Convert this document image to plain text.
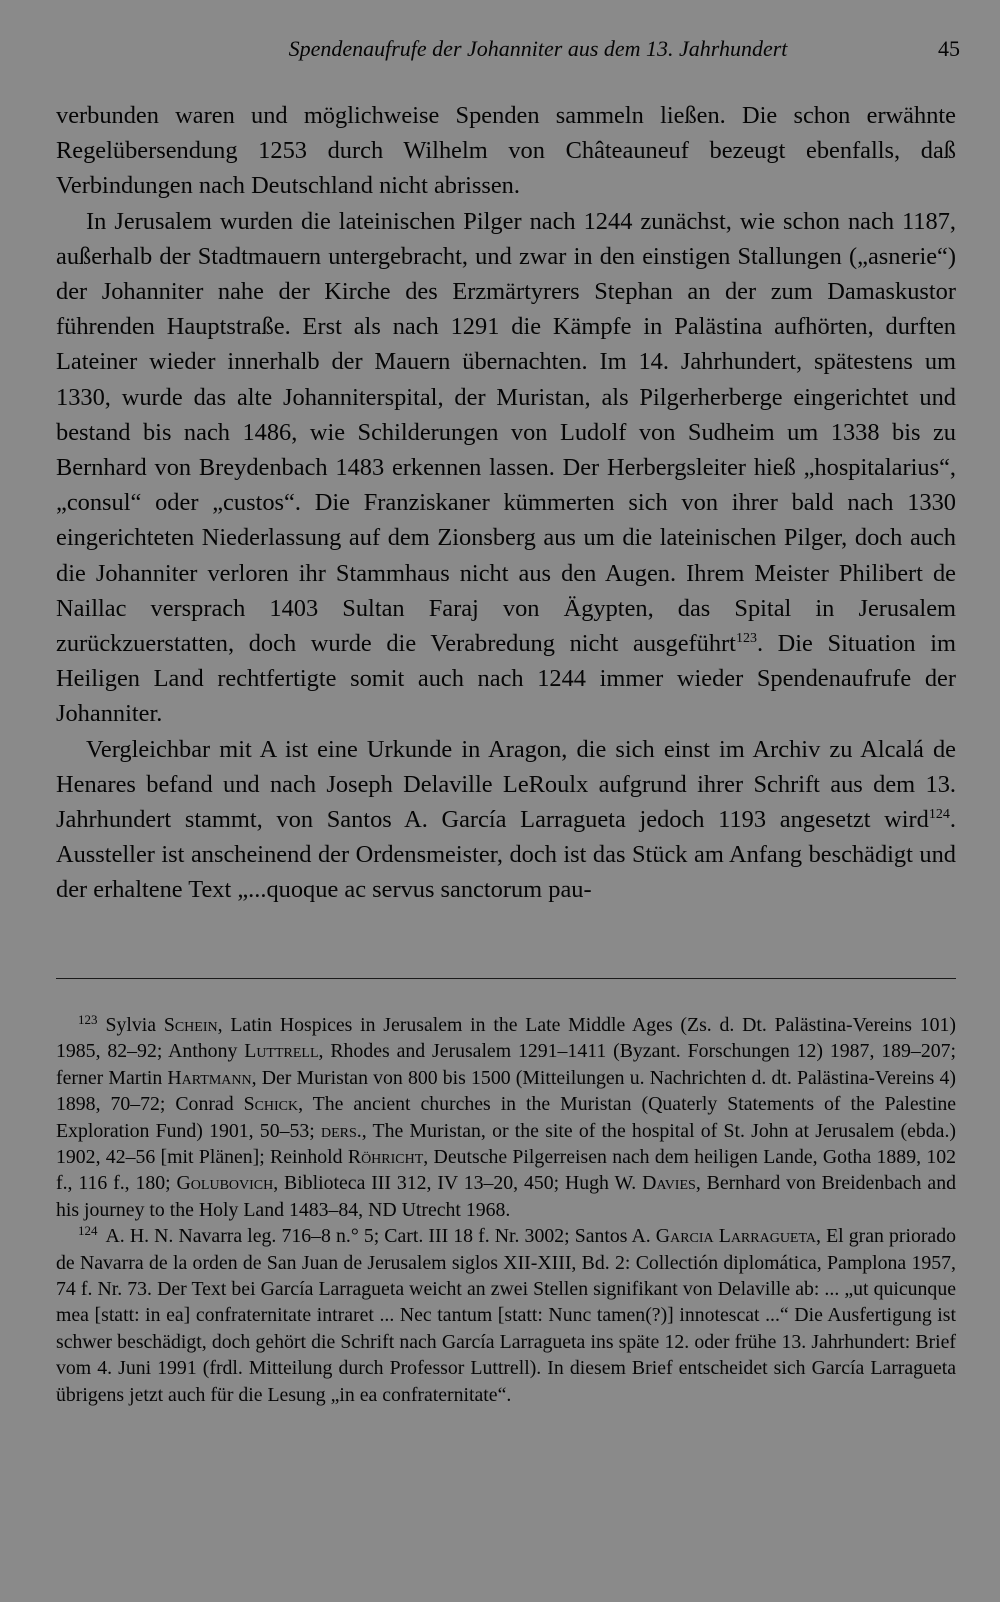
Spendenaufrufe der Johanniter aus dem 13. Jahrhundert	45

verbunden waren und möglichweise Spenden sammeln ließen. Die schon erwähnte Regelübersendung 1253 durch Wilhelm von Châteauneuf bezeugt ebenfalls, daß Verbindungen nach Deutschland nicht abrissen.

In Jerusalem wurden die lateinischen Pilger nach 1244 zunächst, wie schon nach 1187, außerhalb der Stadtmauern untergebracht, und zwar in den einstigen Stallungen („asnerie“) der Johanniter nahe der Kirche des Erzmärtyrers Stephan an der zum Damaskustor führenden Hauptstraße. Erst als nach 1291 die Kämpfe in Palästina aufhörten, durften Lateiner wieder innerhalb der Mauern übernachten. Im 14. Jahrhundert, spätestens um 1330, wurde das alte Johanniterspital, der Muristan, als Pilgerherberge eingerichtet und bestand bis nach 1486, wie Schilderungen von Ludolf von Sudheim um 1338 bis zu Bernhard von Breydenbach 1483 erkennen lassen. Der Herbergsleiter hieß „hospitalarius“, „consul“ oder „custos“. Die Franziskaner kümmerten sich von ihrer bald nach 1330 eingerichteten Niederlassung auf dem Zionsberg aus um die lateinischen Pilger, doch auch die Johanniter verloren ihr Stammhaus nicht aus den Augen. Ihrem Meister Philibert de Naillac versprach 1403 Sultan Faraj von Ägypten, das Spital in Jerusalem zurückzuerstatten, doch wurde die Verabredung nicht ausgeführt$^{123}$. Die Situation im Heiligen Land rechtfertigte somit auch nach 1244 immer wieder Spendenaufrufe der Johanniter.

Vergleichbar mit A ist eine Urkunde in Aragon, die sich einst im Archiv zu Alcalá de Henares befand und nach Joseph Delaville LeRoulx aufgrund ihrer Schrift aus dem 13. Jahrhundert stammt, von Santos A. García Larragueta jedoch 1193 angesetzt wird$^{124}$. Aussteller ist anscheinend der Ordensmeister, doch ist das Stück am Anfang beschädigt und der erhaltene Text „...quoque ac servus sanctorum pau-

$^{123}$ Sylvia Schein, Latin Hospices in Jerusalem in the Late Middle Ages (Zs. d. Dt. Palästina-Vereins 101) 1985, 82–92; Anthony Luttrell, Rhodes and Jerusalem 1291–1411 (Byzant. Forschungen 12) 1987, 189–207; ferner Martin Hartmann, Der Muristan von 800 bis 1500 (Mitteilungen u. Nachrichten d. dt. Palästina-Vereins 4) 1898, 70–72; Conrad Schick, The ancient churches in the Muristan (Quaterly Statements of the Palestine Exploration Fund) 1901, 50–53; ders., The Muristan, or the site of the hospital of St. John at Jerusalem (ebda.) 1902, 42–56 [mit Plänen]; Reinhold Röhricht, Deutsche Pilgerreisen nach dem heiligen Lande, Gotha 1889, 102 f., 116 f., 180; Golubovich, Biblioteca III 312, IV 13–20, 450; Hugh W. Davies, Bernhard von Breidenbach and his journey to the Holy Land 1483–84, ND Utrecht 1968.

$^{124}$ A. H. N. Navarra leg. 716–8 n.° 5; Cart. III 18 f. Nr. 3002; Santos A. Garcia Larragueta, El gran priorado de Navarra de la orden de San Juan de Jerusalem siglos XII-XIII, Bd. 2: Collectión diplomática, Pamplona 1957, 74 f. Nr. 73. Der Text bei García Larragueta weicht an zwei Stellen signifikant von Delaville ab: ... „ut quicunque mea [statt: in ea] confraternitate intraret ... Nec tantum [statt: Nunc tamen(?)] innotescat ...“ Die Ausfertigung ist schwer beschädigt, doch gehört die Schrift nach García Larragueta ins späte 12. oder frühe 13. Jahrhundert: Brief vom 4. Juni 1991 (frdl. Mitteilung durch Professor Luttrell). In diesem Brief entscheidet sich García Larragueta übrigens jetzt auch für die Lesung „in ea confraternitate“.
